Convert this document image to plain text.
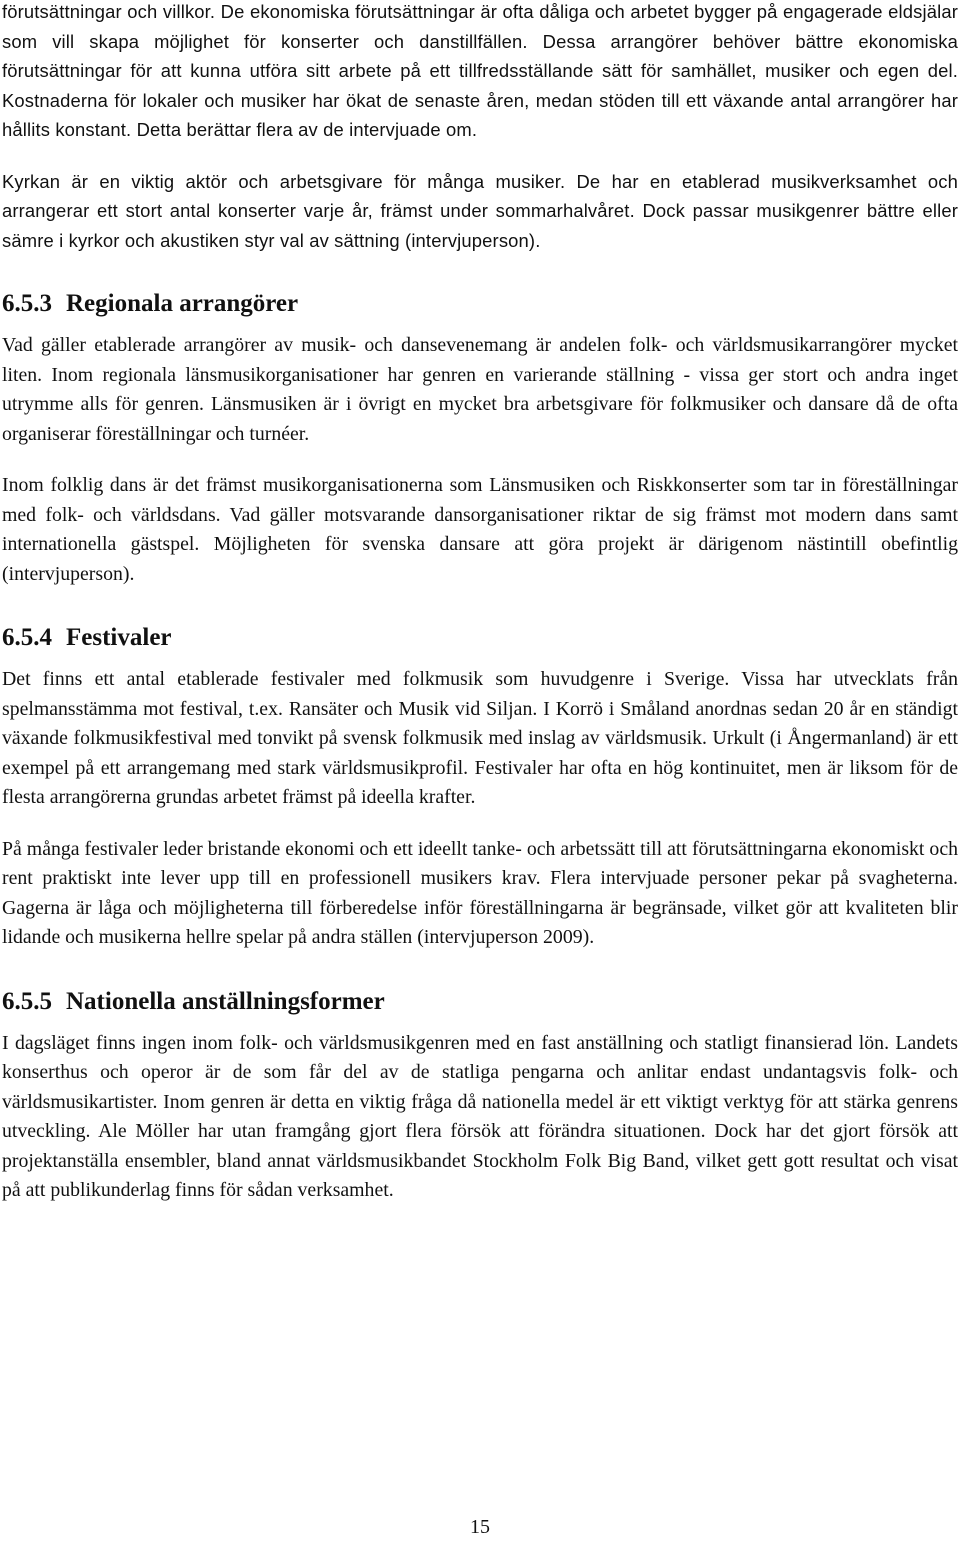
förutsättningar och villkor. De ekonomiska förutsättningar är ofta dåliga och arbetet bygger på engagerade eldsjälar som vill skapa möjlighet för konserter och danstillfällen. Dessa arrangörer behöver bättre ekonomiska förutsättningar för att kunna utföra sitt arbete på ett tillfredsställande sätt för samhället, musiker och egen del. Kostnaderna för lokaler och musiker har ökat de senaste åren, medan stöden till ett växande antal arrangörer har hållits konstant. Detta berättar flera av de intervjuade om.

Kyrkan är en viktig aktör och arbetsgivare för många musiker. De har en etablerad musikverksamhet och arrangerar ett stort antal konserter varje år, främst under sommarhalvåret. Dock passar musikgenrer bättre eller sämre i kyrkor och akustiken styr val av sättning (intervjuperson).

6.5.3 Regionala arrangörer

Vad gäller etablerade arrangörer av musik- och dansevenemang är andelen folk- och världsmusikarrangörer mycket liten. Inom regionala länsmusikorganisationer har genren en varierande ställning - vissa ger stort och andra inget utrymme alls för genren. Länsmusiken är i övrigt en mycket bra arbetsgivare för folkmusiker och dansare då de ofta organiserar föreställningar och turnéer.

Inom folklig dans är det främst musikorganisationerna som Länsmusiken och Riskkonserter som tar in föreställningar med folk- och världsdans. Vad gäller motsvarande dansorganisationer riktar de sig främst mot modern dans samt internationella gästspel. Möjligheten för svenska dansare att göra projekt är därigenom nästintill obefintlig (intervjuperson).

6.5.4 Festivaler

Det finns ett antal etablerade festivaler med folkmusik som huvudgenre i Sverige. Vissa har utvecklats från spelmansstämma mot festival, t.ex. Ransäter och Musik vid Siljan. I Korrö i Småland anordnas sedan 20 år en ständigt växande folkmusikfestival med tonvikt på svensk folkmusik med inslag av världsmusik. Urkult (i Ångermanland) är ett exempel på ett arrangemang med stark världsmusikprofil. Festivaler har ofta en hög kontinuitet, men är liksom för de flesta arrangörerna grundas arbetet främst på ideella krafter.

På många festivaler leder bristande ekonomi och ett ideellt tanke- och arbetssätt till att förutsättningarna ekonomiskt och rent praktiskt inte lever upp till en professionell musikers krav. Flera intervjuade personer pekar på svagheterna. Gagerna är låga och möjligheterna till förberedelse inför föreställningarna är begränsade, vilket gör att kvaliteten blir lidande och musikerna hellre spelar på andra ställen (intervjuperson 2009).

6.5.5 Nationella anställningsformer

I dagsläget finns ingen inom folk- och världsmusikgenren med en fast anställning och statligt finansierad lön. Landets konserthus och operor är de som får del av de statliga pengarna och anlitar endast undantagsvis folk- och världsmusikartister. Inom genren är detta en viktig fråga då nationella medel är ett viktigt verktyg för att stärka genrens utveckling. Ale Möller har utan framgång gjort flera försök att förändra situationen. Dock har det gjort försök att projektanställa ensembler, bland annat världsmusikbandet Stockholm Folk Big Band, vilket gett gott resultat och visat på att publikunderlag finns för sådan verksamhet.

15
